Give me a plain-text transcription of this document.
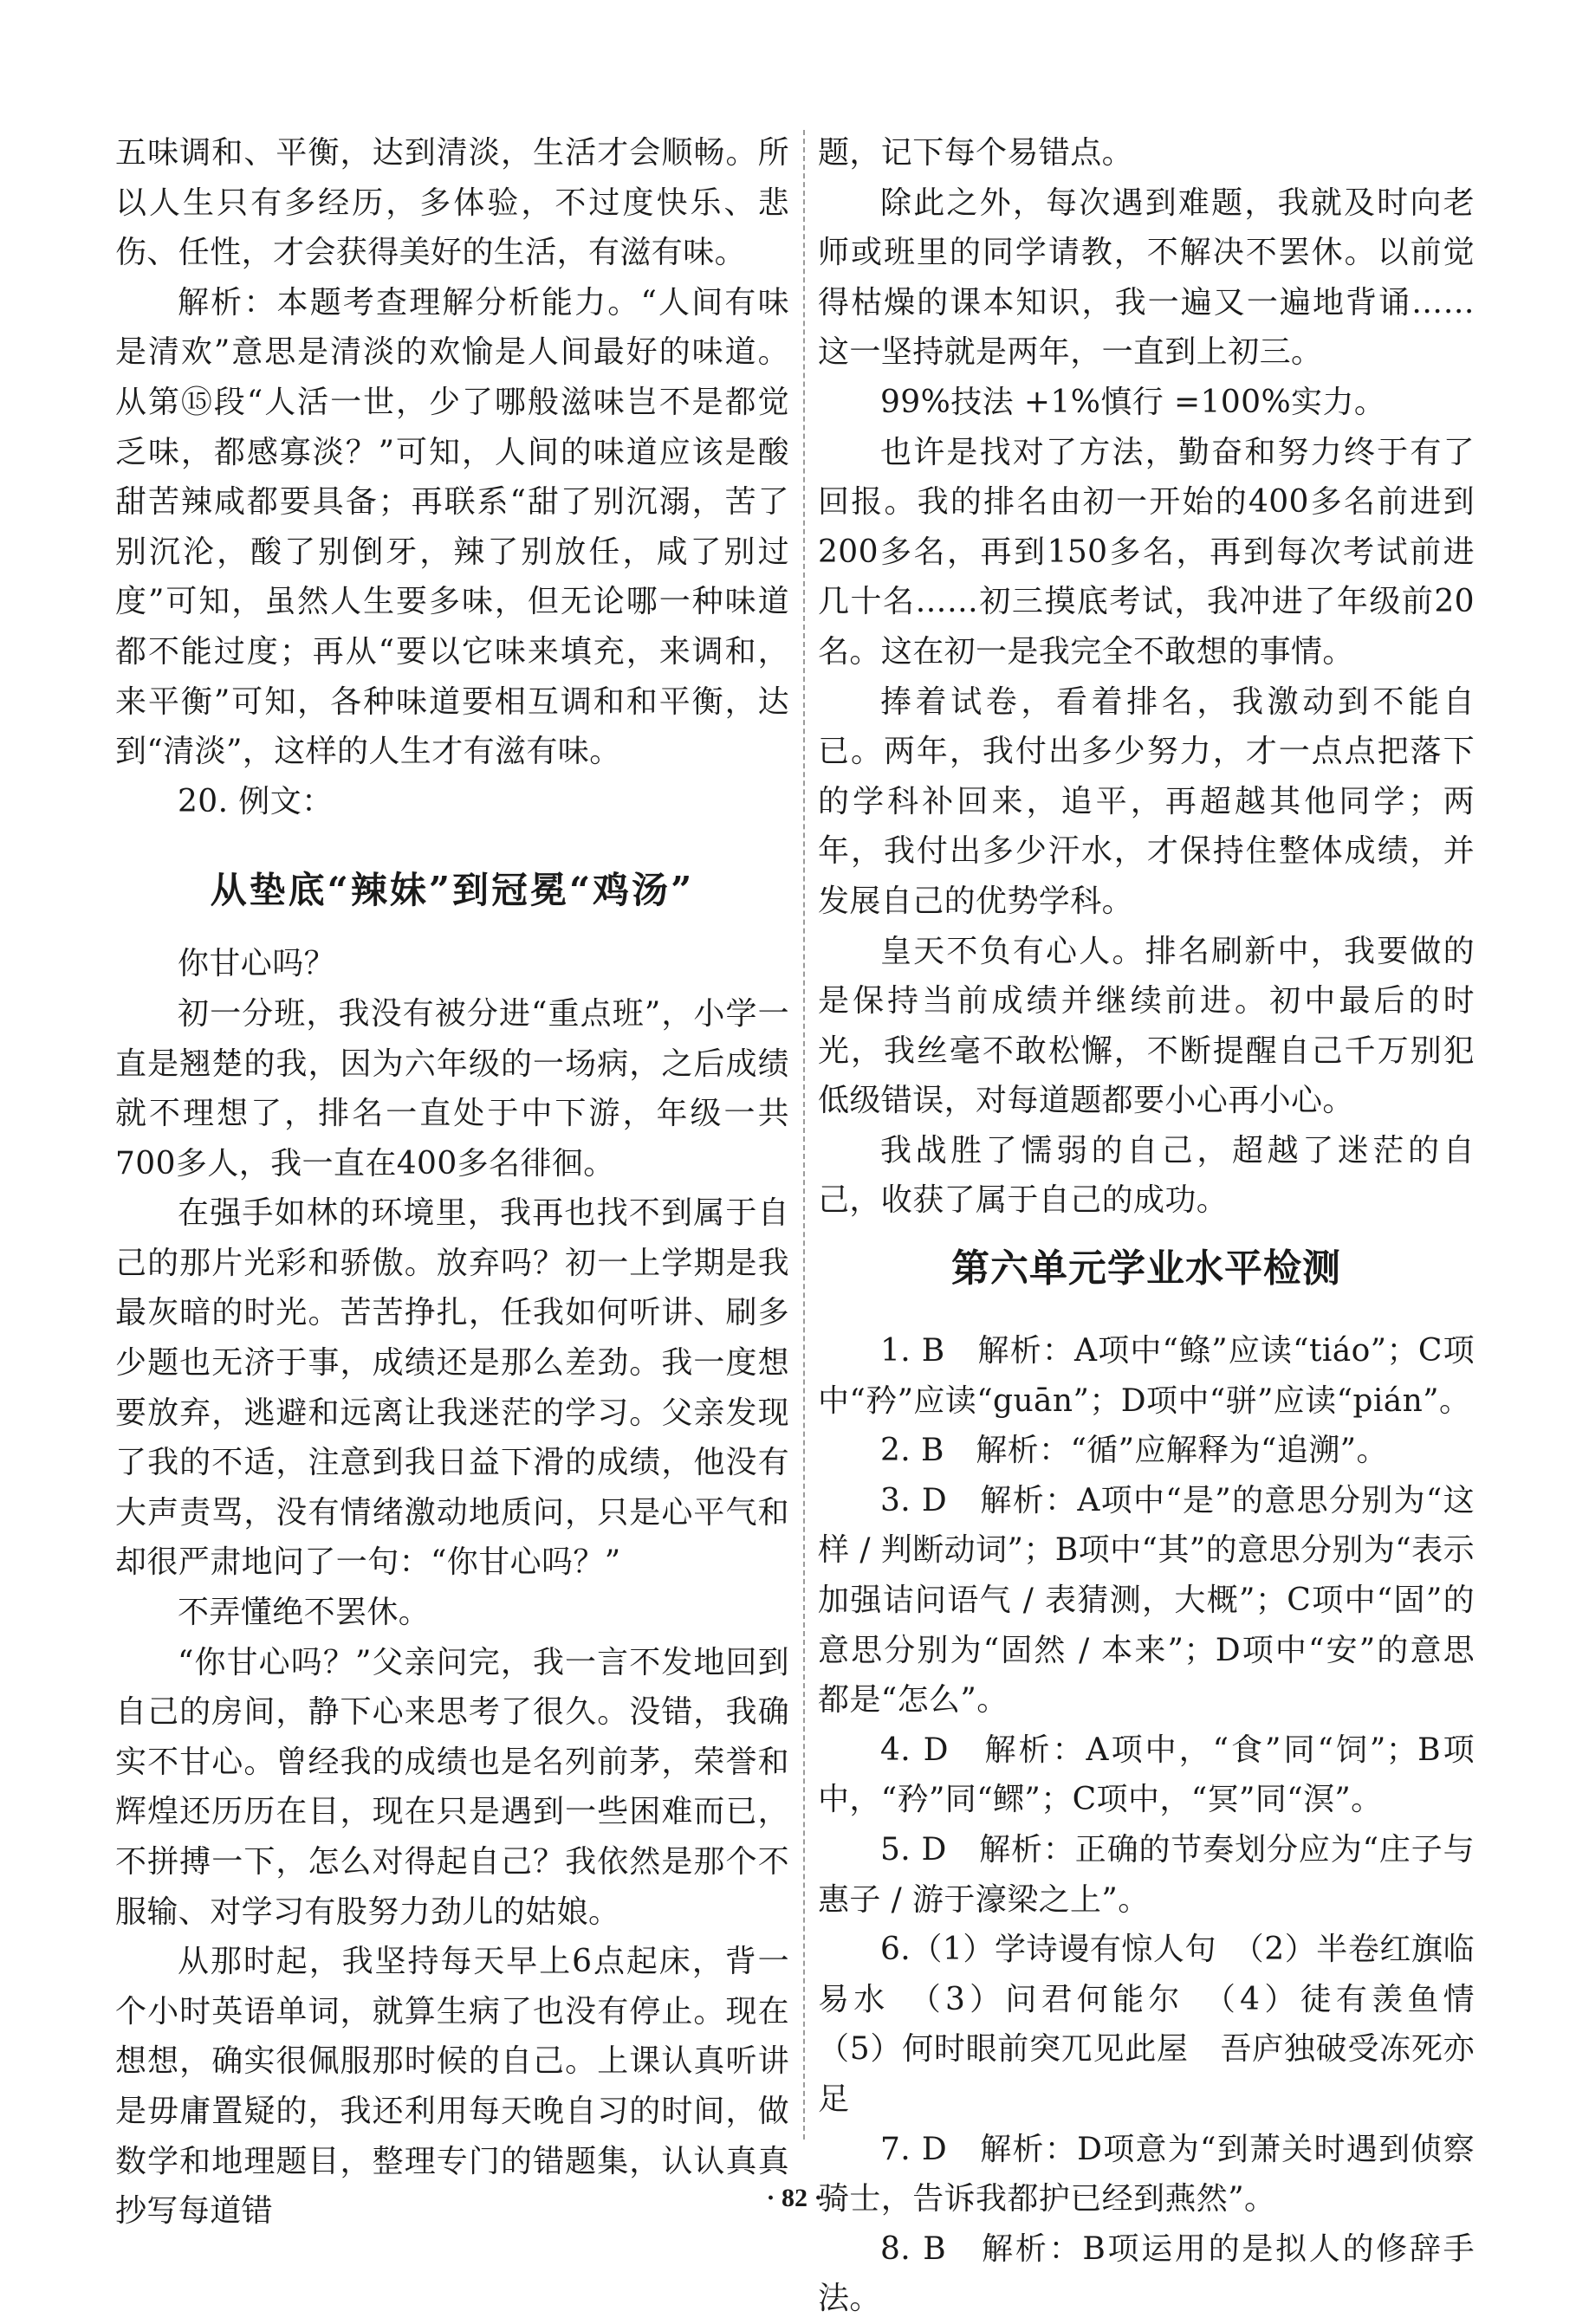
五味调和、平衡，达到清淡，生活才会顺畅。所以人生只有多经历，多体验，不过度快乐、悲伤、任性，才会获得美好的生活，有滋有味。

解析：本题考查理解分析能力。“人间有味是清欢”意思是清淡的欢愉是人间最好的味道。从第⑮段“人活一世，少了哪般滋味岂不是都觉乏味，都感寡淡？”可知，人间的味道应该是酸甜苦辣咸都要具备；再联系“甜了别沉溺，苦了别沉沦，酸了别倒牙，辣了别放任，咸了别过度”可知，虽然人生要多味，但无论哪一种味道都不能过度；再从“要以它味来填充，来调和，来平衡”可知，各种味道要相互调和和平衡，达到“清淡”，这样的人生才有滋有味。

20. 例文：

从垫底“辣妹”到冠冕“鸡汤”

你甘心吗？

初一分班，我没有被分进“重点班”，小学一直是翘楚的我，因为六年级的一场病，之后成绩就不理想了，排名一直处于中下游，年级一共700多人，我一直在400多名徘徊。

在强手如林的环境里，我再也找不到属于自己的那片光彩和骄傲。放弃吗？初一上学期是我最灰暗的时光。苦苦挣扎，任我如何听讲、刷多少题也无济于事，成绩还是那么差劲。我一度想要放弃，逃避和远离让我迷茫的学习。父亲发现了我的不适，注意到我日益下滑的成绩，他没有大声责骂，没有情绪激动地质问，只是心平气和却很严肃地问了一句：“你甘心吗？”

不弄懂绝不罢休。

“你甘心吗？”父亲问完，我一言不发地回到自己的房间，静下心来思考了很久。没错，我确实不甘心。曾经我的成绩也是名列前茅，荣誉和辉煌还历历在目，现在只是遇到一些困难而已，不拼搏一下，怎么对得起自己？我依然是那个不服输、对学习有股努力劲儿的姑娘。

从那时起，我坚持每天早上6点起床，背一个小时英语单词，就算生病了也没有停止。现在想想，确实很佩服那时候的自己。上课认真听讲是毋庸置疑的，我还利用每天晚自习的时间，做数学和地理题目，整理专门的错题集，认认真真抄写每道错

题，记下每个易错点。

除此之外，每次遇到难题，我就及时向老师或班里的同学请教，不解决不罢休。以前觉得枯燥的课本知识，我一遍又一遍地背诵……这一坚持就是两年，一直到上初三。

99%技法 +1%慎行 =100%实力。

也许是找对了方法，勤奋和努力终于有了回报。我的排名由初一开始的400多名前进到200多名，再到150多名，再到每次考试前进几十名……初三摸底考试，我冲进了年级前20名。这在初一是我完全不敢想的事情。

捧着试卷，看着排名，我激动到不能自已。两年，我付出多少努力，才一点点把落下的学科补回来，追平，再超越其他同学；两年，我付出多少汗水，才保持住整体成绩，并发展自己的优势学科。

皇天不负有心人。排名刷新中，我要做的是保持当前成绩并继续前进。初中最后的时光，我丝毫不敢松懈，不断提醒自己千万别犯低级错误，对每道题都要小心再小心。

我战胜了懦弱的自己，超越了迷茫的自己，收获了属于自己的成功。

第六单元学业水平检测

1. B　解析：A项中“鲦”应读“tiáo”；C项中“矜”应读“guān”；D项中“骈”应读“pián”。

2. B　解析：“循”应解释为“追溯”。

3. D　解析：A项中“是”的意思分别为“这样 / 判断动词”；B项中“其”的意思分别为“表示加强诘问语气 / 表猜测，大概”；C项中“固”的意思分别为“固然 / 本来”；D项中“安”的意思都是“怎么”。

4. D　解析：A项中，“食”同“饲”；B项中，“矜”同“鳏”；C项中，“冥”同“溟”。

5. D　解析：正确的节奏划分应为“庄子与惠子 / 游于濠梁之上”。

6.（1）学诗谩有惊人句　（2）半卷红旗临易水　（3）问君何能尔　（4）徒有羡鱼情　（5）何时眼前突兀见此屋　吾庐独破受冻死亦足

7. D　解析：D项意为“到萧关时遇到侦察骑士，告诉我都护已经到燕然”。

8. B　解析：B项运用的是拟人的修辞手法。

· 82 ·
